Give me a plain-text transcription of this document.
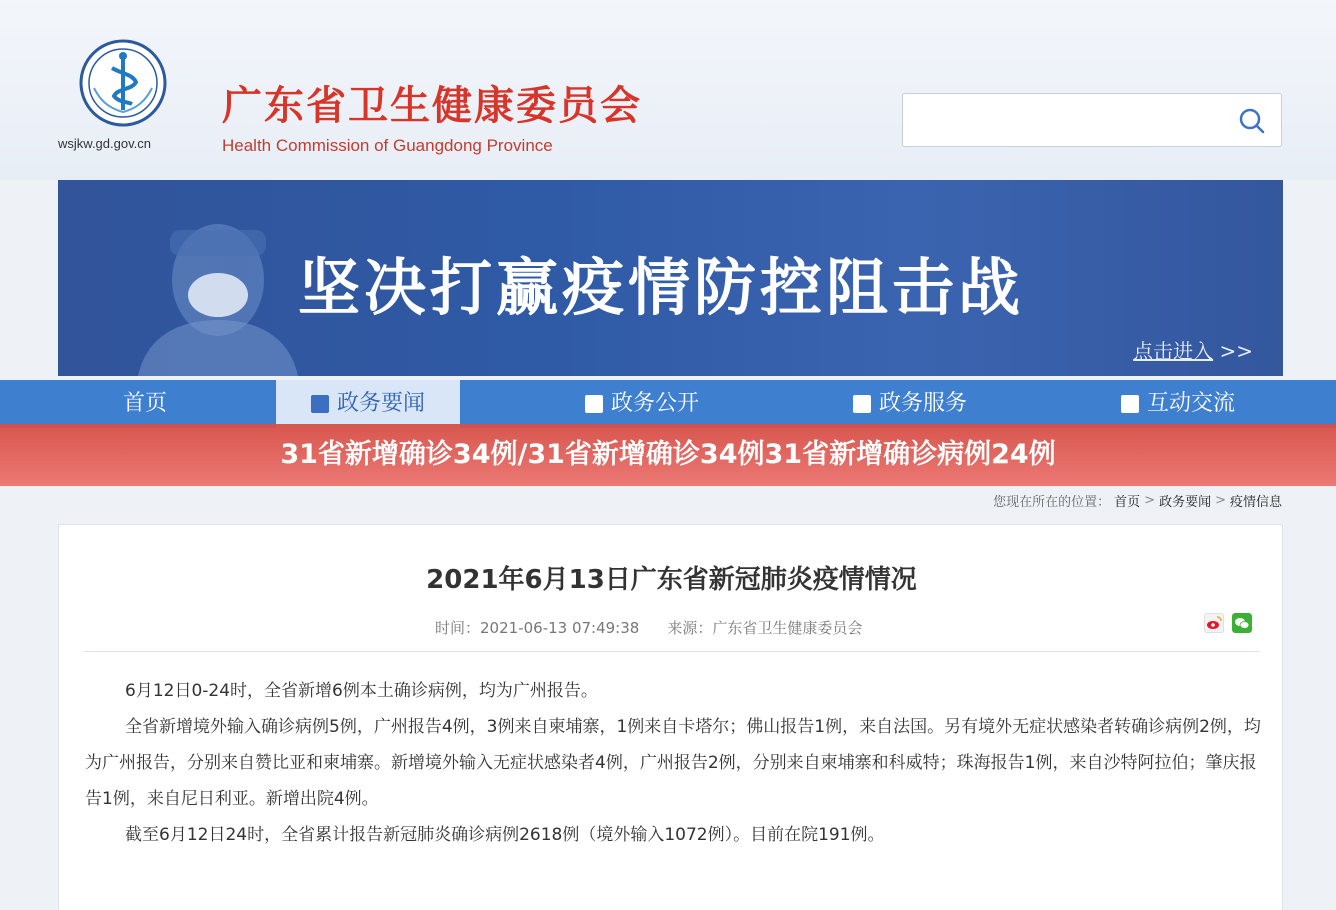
wsjkw.gd.gov.cn
广东省卫生健康委员会
Health Commission of Guangdong Province
坚决打赢疫情防控阻击战
点击进入 >>
首页	政务要闻	政务公开	政务服务	互动交流
31省新增确诊34例/31省新增确诊34例31省新增确诊病例24例
您现在所在的位置： 首页 > 政务要闻 > 疫情信息
2021年6月13日广东省新冠肺炎疫情情况
时间：2021-06-13 07:49:38 来源：广东省卫生健康委员会

6月12日0-24时，全省新增6例本土确诊病例，均为广州报告。

全省新增境外输入确诊病例5例，广州报告4例，3例来自柬埔寨，1例来自卡塔尔；佛山报告1例，来自法国。另有境外无症状感染者转确诊病例2例，均为广州报告，分别来自赞比亚和柬埔寨。新增境外输入无症状感染者4例，广州报告2例，分别来自柬埔寨和科威特；珠海报告1例，来自沙特阿拉伯；肇庆报告1例，来自尼日利亚。新增出院4例。

截至6月12日24时，全省累计报告新冠肺炎确诊病例2618例（境外输入1072例）。目前在院191例。
